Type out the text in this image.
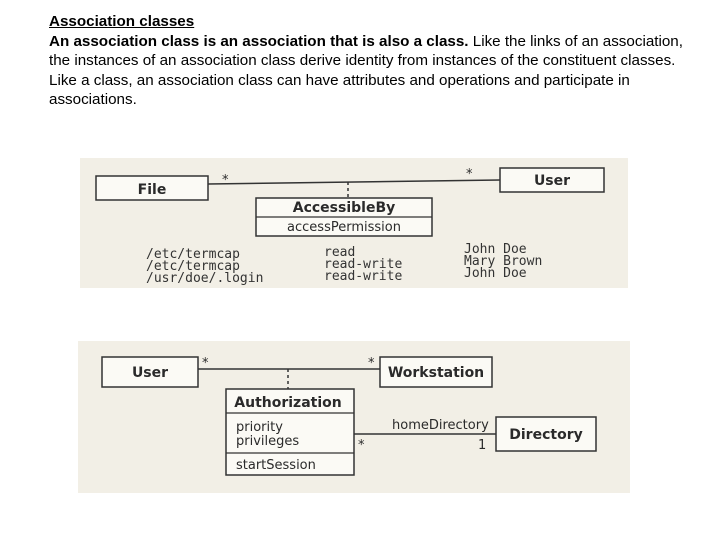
Association classes

An association class is an association that is also a class. Like the links of an association, the instances of an association class derive identity from instances of the constituent classes.

Like a class, an association class can have attributes and operations and participate in associations.

File
User
*	*
AccessibleBy
accessPermission
/etc/termcap	read	John Doe
/etc/termcap	read-write	Mary Brown
/usr/doe/.login	read-write	John Doe
User	Workstation
*	*
Authorization
priority
privileges
startSession
Directory
homeDirectory
*	1
